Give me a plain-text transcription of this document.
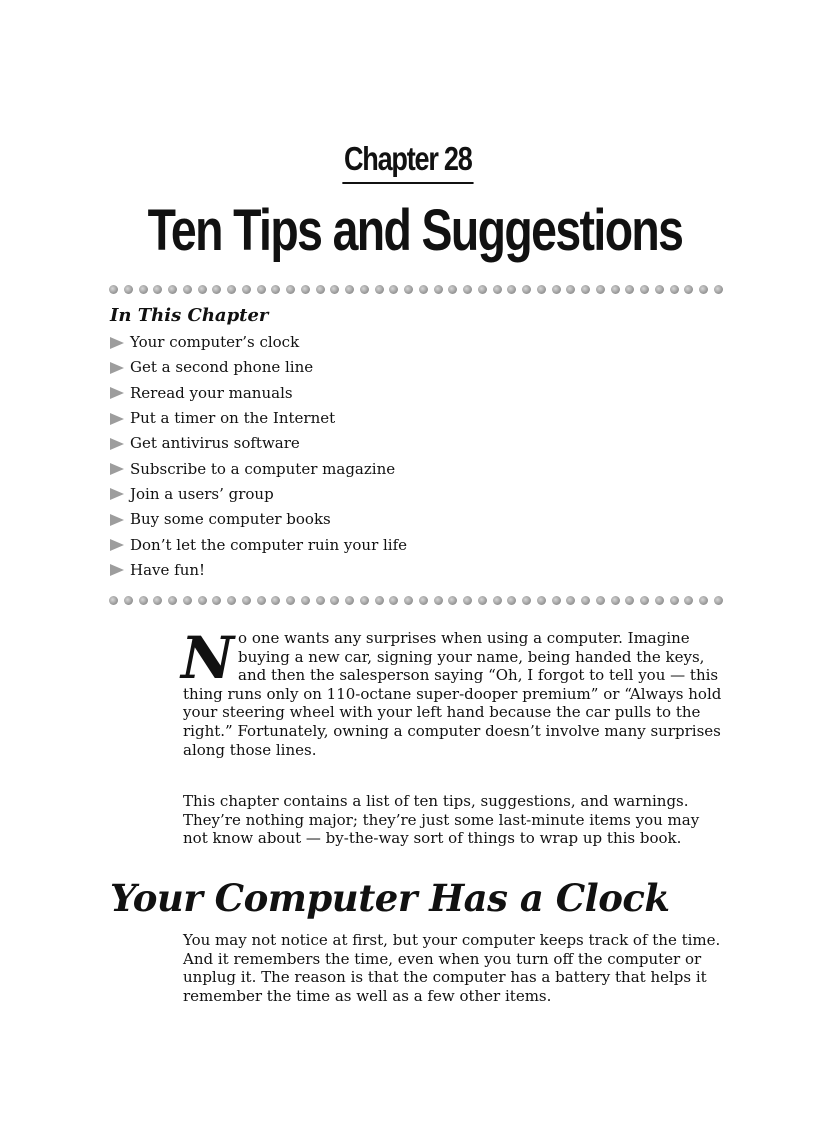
Chapter 28
Ten Tips and Suggestions
In This Chapter
Your computer’s clock
Get a second phone line
Reread your manuals
Put a timer on the Internet
Get antivirus software
Subscribe to a computer magazine
Join a users’ group
Buy some computer books
Don’t let the computer ruin your life
Have fun!

No one wants any surprises when using a computer. Imagine buying a new car, signing your name, being handed the keys, and then the salesperson saying “Oh, I forgot to tell you — this thing runs only on 110-octane super-dooper premium” or “Always hold your steering wheel with your left hand because the car pulls to the right.” Fortunately, owning a computer doesn’t involve many surprises along those lines.

This chapter contains a list of ten tips, suggestions, and warnings. They’re nothing major; they’re just some last-minute items you may not know about — by-the-way sort of things to wrap up this book.

Your Computer Has a Clock

You may not notice at first, but your computer keeps track of the time. And it remembers the time, even when you turn off the computer or unplug it. The reason is that the computer has a battery that helps it remember the time as well as a few other items.
